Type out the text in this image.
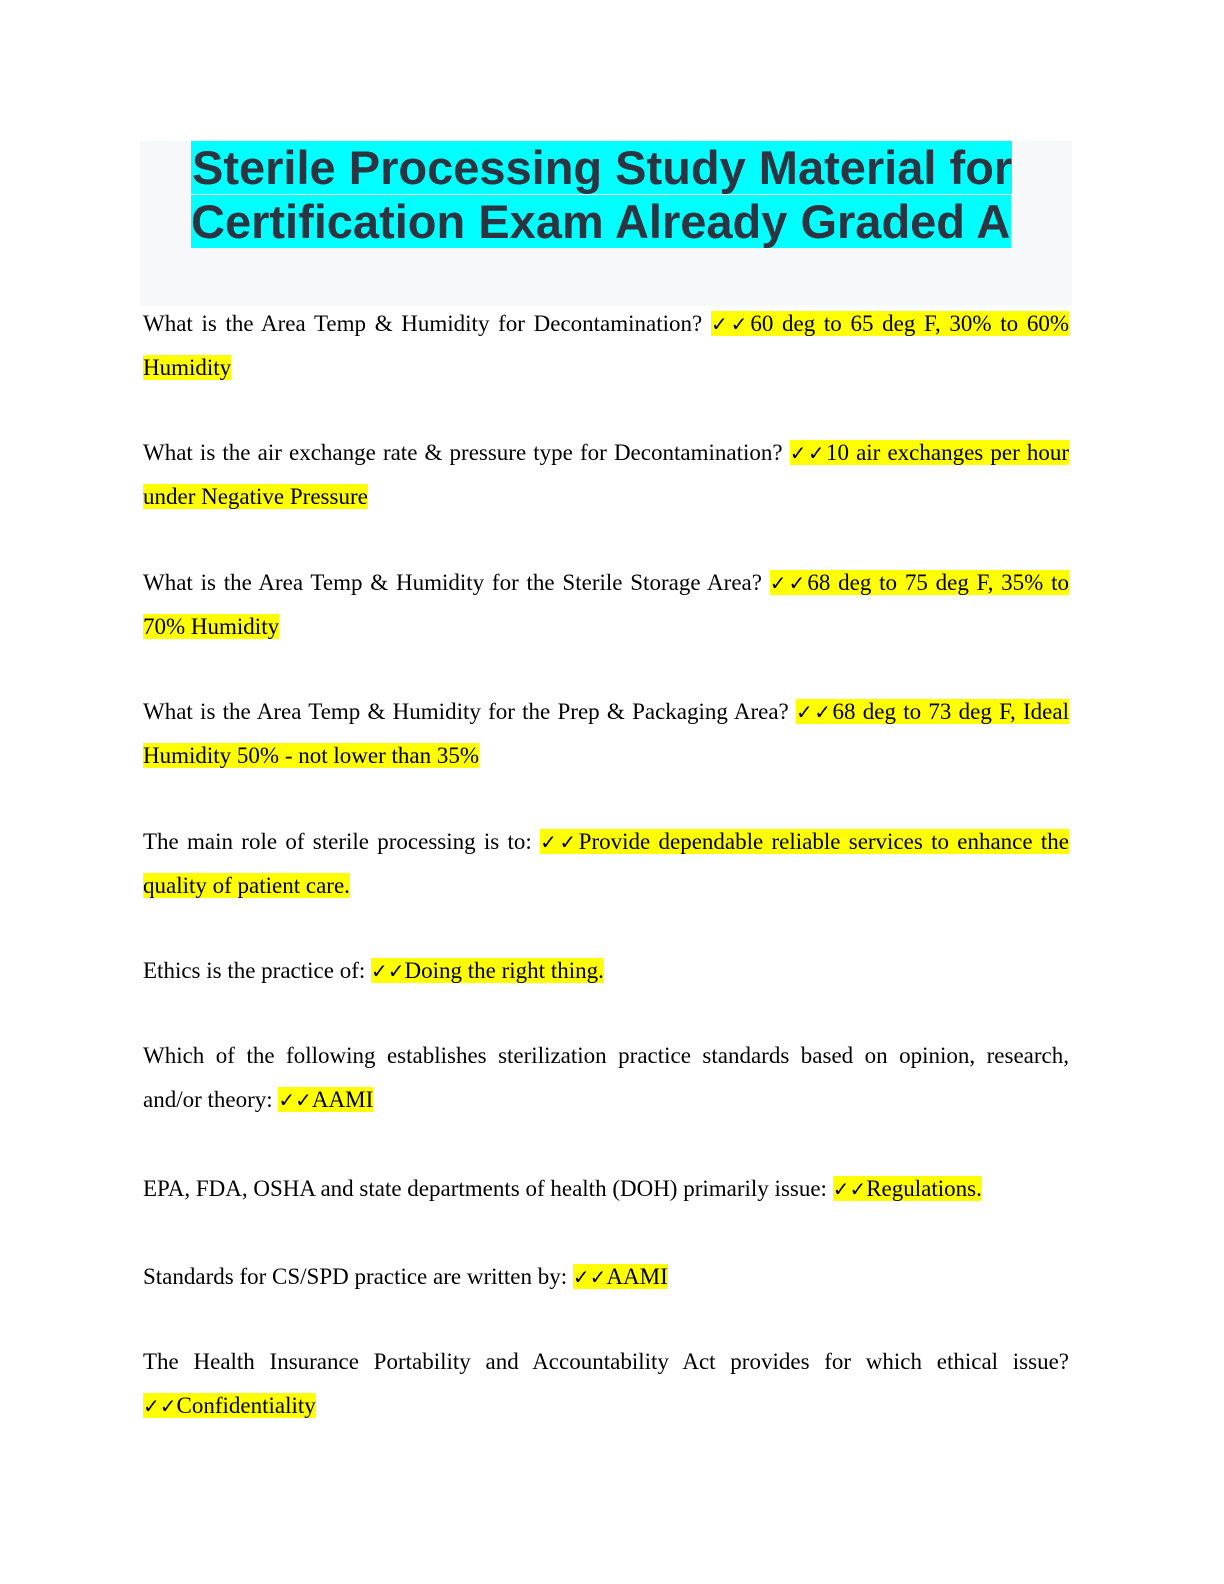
Sterile Processing Study Material for Certification Exam Already Graded A

What is the Area Temp & Humidity for Decontamination? ✓✓60 deg to 65 deg F, 30% to 60% Humidity

What is the air exchange rate & pressure type for Decontamination? ✓✓10 air exchanges per hour under Negative Pressure

What is the Area Temp & Humidity for the Sterile Storage Area? ✓✓68 deg to 75 deg F, 35% to 70% Humidity

What is the Area Temp & Humidity for the Prep & Packaging Area? ✓✓68 deg to 73 deg F, Ideal Humidity 50% - not lower than 35%

The main role of sterile processing is to: ✓✓Provide dependable reliable services to enhance the quality of patient care.

Ethics is the practice of: ✓✓Doing the right thing.

Which of the following establishes sterilization practice standards based on opinion, research, and/or theory: ✓✓AAMI

EPA, FDA, OSHA and state departments of health (DOH) primarily issue: ✓✓Regulations.

Standards for CS/SPD practice are written by: ✓✓AAMI

The Health Insurance Portability and Accountability Act provides for which ethical issue? ✓✓Confidentiality
